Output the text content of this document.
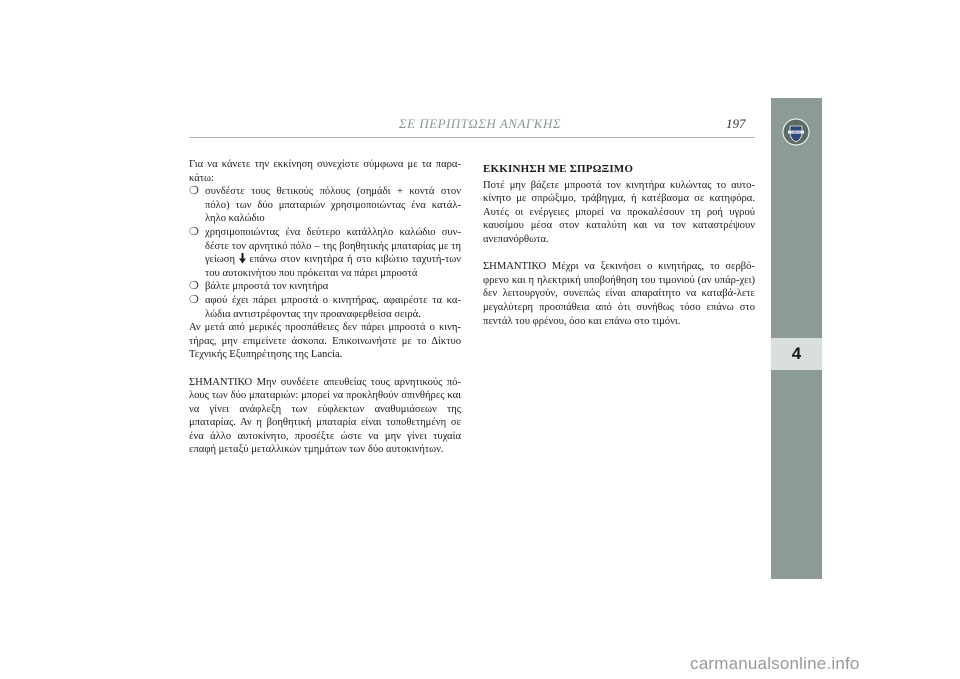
ΣΕ ΠΕΡΙΠΤΩΣΗ ΑΝΑΓΚΗΣ	197
LANCIA
4

Για να κάνετε την εκκίνηση συνεχίστε σύμφωνα με τα παρα-κάτω:

❍ συνδέστε τους θετικούς πόλους (σημάδι + κοντά στον πόλο) των δύο μπαταριών χρησιμοποιώντας ένα κατάλ-ληλο καλώδιο
❍ χρησιμοποιώντας ένα δεύτερο κατάλληλο καλώδιο συν-δέστε τον αρνητικό πόλο – της βοηθητικής μπαταρίας με τη γείωση επάνω στον κινητήρα ή στο κιβώτιο ταχυτή-των του αυτοκινήτου που πρόκειται να πάρει μπροστά
❍ βάλτε μπροστά τον κινητήρα
❍ αφού έχει πάρει μπροστά ο κινητήρας, αφαιρέστε τα κα-λώδια αντιστρέφοντας την προαναφερθείσα σειρά.

Αν μετά από μερικές προσπάθειες δεν πάρει μπροστά ο κινη-τήρας, μην επιμείνετε άσκοπα. Επικοινωνήστε με το Δίκτυο Τεχνικής Εξυπηρέτησης της Lancia.

ΣΗΜΑΝΤΙΚΟ Μην συνδέετε απευθείας τους αρνητικούς πό-λους των δύο μπαταριών: μπορεί να προκληθούν σπινθήρες και να γίνει ανάφλεξη των εύφλεκτων αναθυμιάσεων της μπαταρίας. Αν η βοηθητική μπαταρία είναι τοποθετημένη σε ένα άλλο αυτοκίνητο, προσέξτε ώστε να μην γίνει τυχαία επαφή μεταξύ μεταλλικών τμημάτων των δύο αυτοκινήτων.

ΕΚΚΙΝΗΣΗ ΜΕ ΣΠΡΩΞΙΜΟ

Ποτέ μην βάζετε μπροστά τον κινητήρα κυλώντας το αυτο-κίνητο με σπρώξιμο, τράβηγμα, ή κατέβασμα σε κατηφόρα. Αυτές οι ενέργειες μπορεί να προκαλέσουν τη ροή υγρού καυσίμου μέσα στον καταλύτη και να τον καταστρέψουν ανεπανόρθωτα.

ΣΗΜΑΝΤΙΚΟ Μέχρι να ξεκινήσει ο κινητήρας, το σερβό-φρενο και η ηλεκτρική υποβοήθηση του τιμονιού (αν υπάρ-χει) δεν λειτουργούν, συνεπώς είναι απαραίτητο να καταβά-λετε μεγαλύτερη προσπάθεια από ότι συνήθως τόσο επάνω στο πεντάλ του φρένου, όσο και επάνω στο τιμόνι.

carmanualsonline.info
